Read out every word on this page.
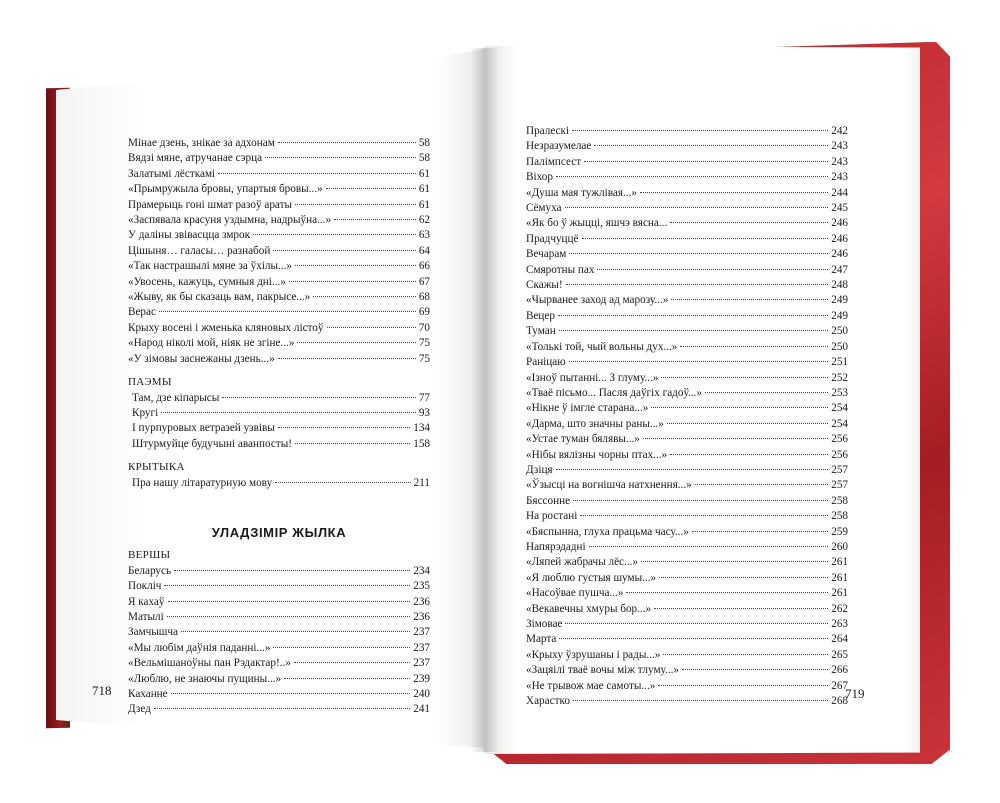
Мінае дзень, знікае за адхонам	58
Вядзі мяне, атручанае сэрца	58
Залатымі лёсткамі	61
«Прымружыла бровы, упартыя бровы...»	61
Прамерыць гоні шмат разоў араты	61
«Заспявала красуня уздымна, надрыўна...»	62
У даліны звівасцца змрок	63
Цішыня… галасы… разнабой	64
«Так настрашылі мяне за ўхілы...»	66
«Увосень, кажуць, сумныя дні...»	67
«Жыву, як бы сказаць вам, пакрысе...»	68
Верас	69
Крыху восені і жменька кляновых лістоў	70
«Народ ніколі мой, ніяк не згіне...»	75
«У зімовы заснежаны дзень...»	75
ПАЭМЫ
Там, дзе кіпарысы	77
Кругі	93
І пурпуровых ветразей узвівы	134
Штурмуйце будучыні аванпосты!	158
КРЫТЫКА
Пра нашу літаратурную мову	211
УЛАДЗІМІР ЖЫЛКА
ВЕРШЫ
Беларусь	234
Покліч	235
Я кахаў	236
Матылі	236
Замчышча	237
«Мы любім даўнія паданні...»	237
«Вельмішаноўны пан Рэдактар!..»	237
«Люблю, не знаючы пущины...»	239
Каханне	240
Дзед	241
Пралескі	242
Незразумелае	243
Палімпсест	243
Віхор	243
«Душа мая тужлівая...»	244
Сёмуха	245
«Як бо ў жыцці, яшчэ вясна...	246
Прадчуццё	246
Вечарам	246
Смяротны пах	247
Скажы!	248
«Чырванее заход ад марозу...»	249
Вецер	249
Туман	250
«Толькі той, чый вольны дух...»	250
Раніцаю	251
«Ізноў пытанні... З глуму...»	252
«Тваё пісьмо... Пасля даўгіх гадоў...»	253
«Нікне ў імгле старана...»	254
«Дарма, што значны раны...»	254
«Устае туман бялявы...»	256
«Нібы вялізны чорны птах...»	256
Дзіця	257
«Ўзысці на вогнішча натхнення...»	257
Бяссонне	258
На ростані	258
«Бяспынна, глуха працьма часу...»	259
Напярэдадні	260
«Ляпей жабрачы лёс...»	261
«Я люблю густыя шумы...»	261
«Насоўвае пушча...»	261
«Векавечны хмуры бор...»	262
Зімовае	263
Марта	264
«Крыху ўзрушаны і рады...»	265
«Зацяілі тваё вочы між тлуму...»	266
«Не трывож мае самоты...»	267
Харастко	268
718	719
